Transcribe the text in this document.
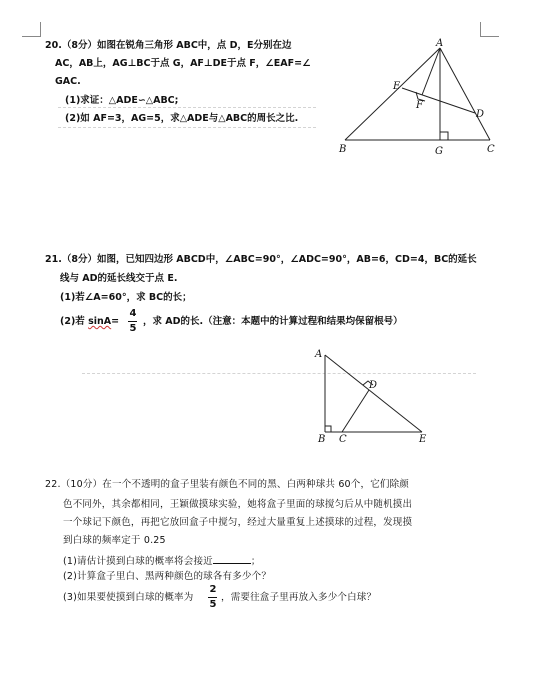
20.（8分）如图在锐角三角形 ABC中，点 D，E分别在边
AC，AB上，AG⊥BC于点 G，AF⊥DE于点 F，∠EAF=∠
GAC.
(1)求证：△ADE∽△ABC;
(2)如 AF=3，AG=5，求△ADE与△ABC的周长之比.
A
E
F
D
B	G	C
21.（8分）如图，已知四边形 ABCD中，∠ABC=90°，∠ADC=90°，AB=6，CD=4，BC的延长
线与 AD的延长线交于点 E.
(1)若∠A=60°，求 BC的长；
(2)若 sinA=
4
5
，求 AD的长.（注意：本题中的计算过程和结果均保留根号）
A
D
B C	E
22.（10分）在一个不透明的盒子里装有颜色不同的黑、白两种球共 60个，它们除颜
色不同外，其余都相同，王颖做摸球实验，她将盒子里面的球搅匀后从中随机摸出
一个球记下颜色，再把它放回盒子中搅匀，经过大量重复上述摸球的过程，发现摸
到白球的频率定于 0.25
(1)请估计摸到白球的概率将会接近	；
(2)计算盒子里白、黑两种颜色的球各有多少个？
(3)如果要使摸到白球的概率为
2
5
，需要往盒子里再放入多少个白球？
